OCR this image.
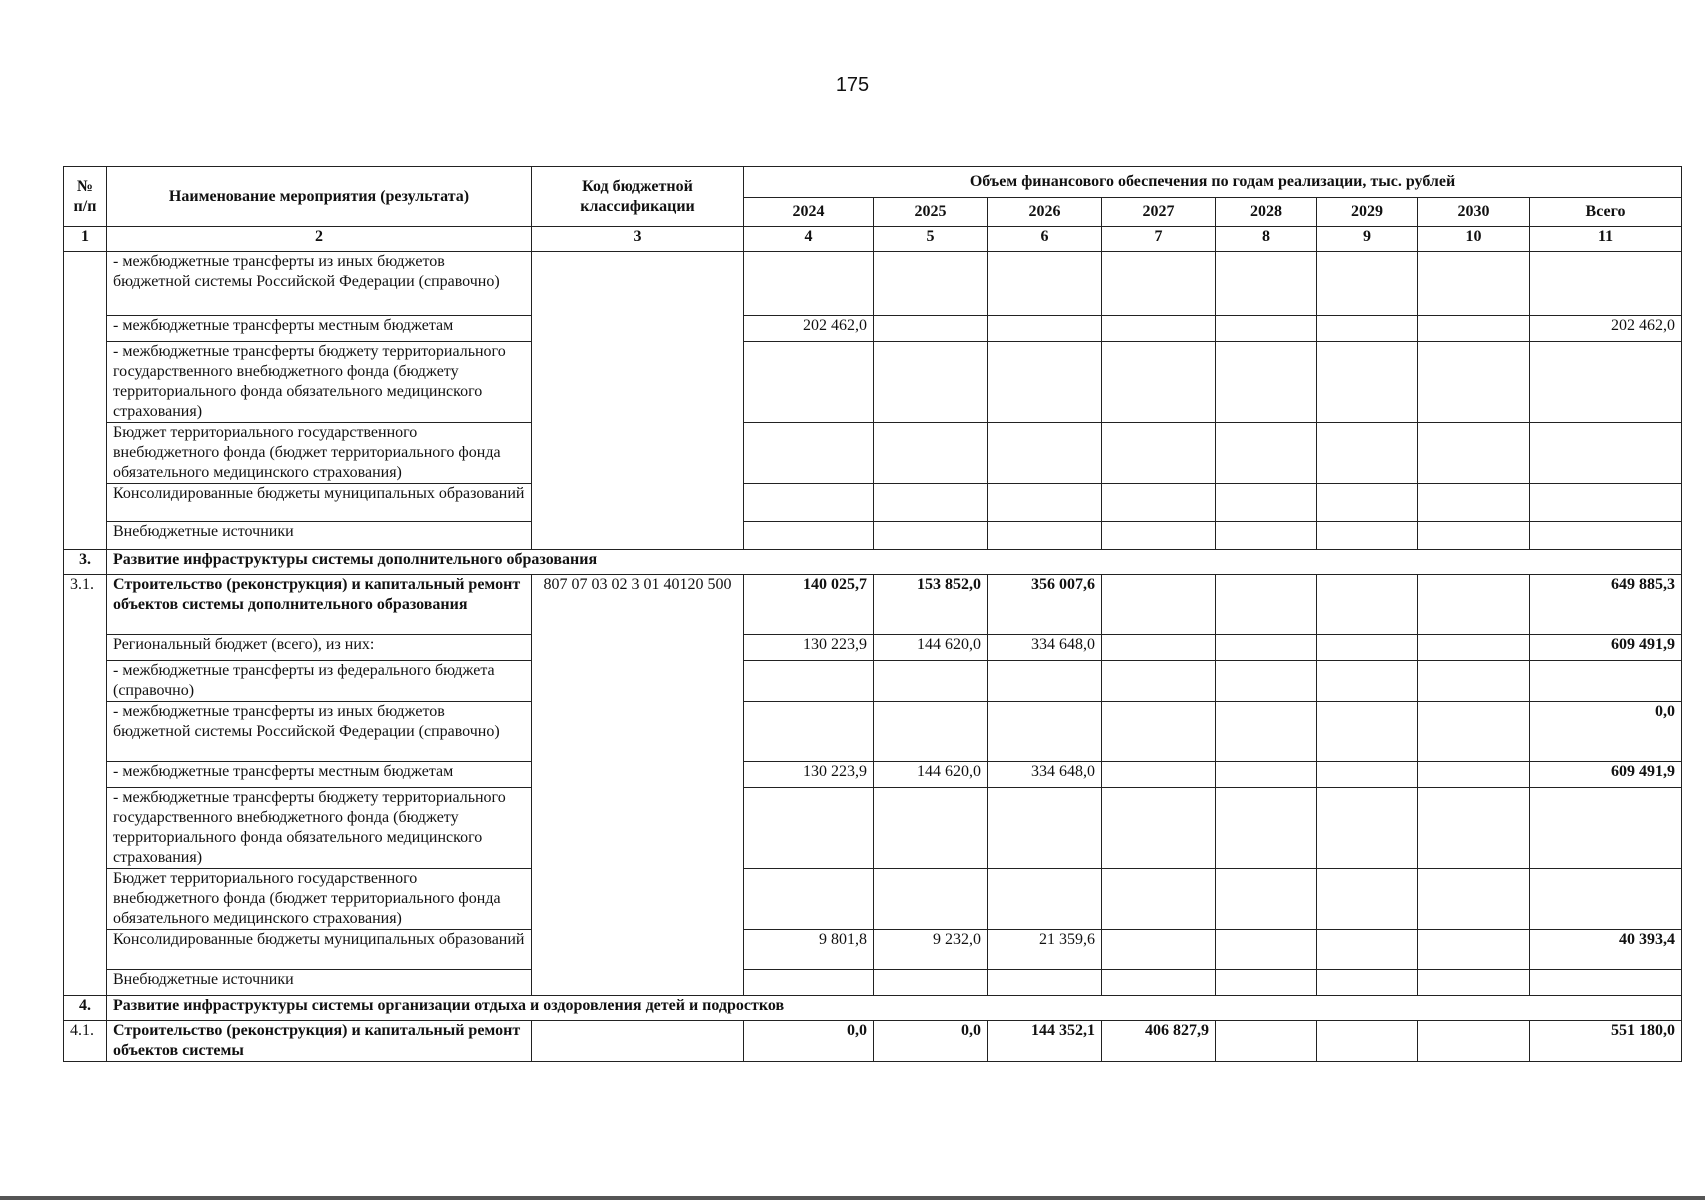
175
№ п/п	Наименование мероприятия (результата)	Код бюджетной классификации	Объем финансового обеспечения по годам реализации, тыс. рублей							
			2024	2025	2026	2027	2028	2029	2030	Всего
1	2	3	4	5	6	7	8	9	10	11
	- межбюджетные трансферты из иных бюджетов бюджетной системы Российской Федерации (справочно)									
	- межбюджетные трансферты местным бюджетам		202 462,0							202 462,0
	- межбюджетные трансферты бюджету территориального государственного внебюджетного фонда (бюджету территориального фонда обязательного медицинского страхования)									
	Бюджет территориального государственного внебюджетного фонда (бюджет территориального фонда обязательного медицинского страхования)									
	Консолидированные бюджеты муниципальных образований									
	Внебюджетные источники									
3.	Развитие инфраструктуры системы дополнительного образования									
3.1.	Строительство (реконструкция) и капитальный ремонт объектов системы дополнительного образования	807 07 03 02 3 01 40120 500	140 025,7	153 852,0	356 007,6					649 885,3
	Региональный бюджет (всего), из них:		130 223,9	144 620,0	334 648,0					609 491,9
	- межбюджетные трансферты из федерального бюджета (справочно)									
	- межбюджетные трансферты из иных бюджетов бюджетной системы Российской Федерации (справочно)									0,0
	- межбюджетные трансферты местным бюджетам		130 223,9	144 620,0	334 648,0					609 491,9
	- межбюджетные трансферты бюджету территориального государственного внебюджетного фонда (бюджету территориального фонда обязательного медицинского страхования)									
	Бюджет территориального государственного внебюджетного фонда (бюджет территориального фонда обязательного медицинского страхования)									
	Консолидированные бюджеты муниципальных образований		9 801,8	9 232,0	21 359,6					40 393,4
	Внебюджетные источники									
4.	Развитие инфраструктуры системы организации отдыха и оздоровления детей и подростков									
4.1.	Строительство (реконструкция) и капитальный ремонт объектов системы		0,0	0,0	144 352,1	406 827,9				551 180,0
